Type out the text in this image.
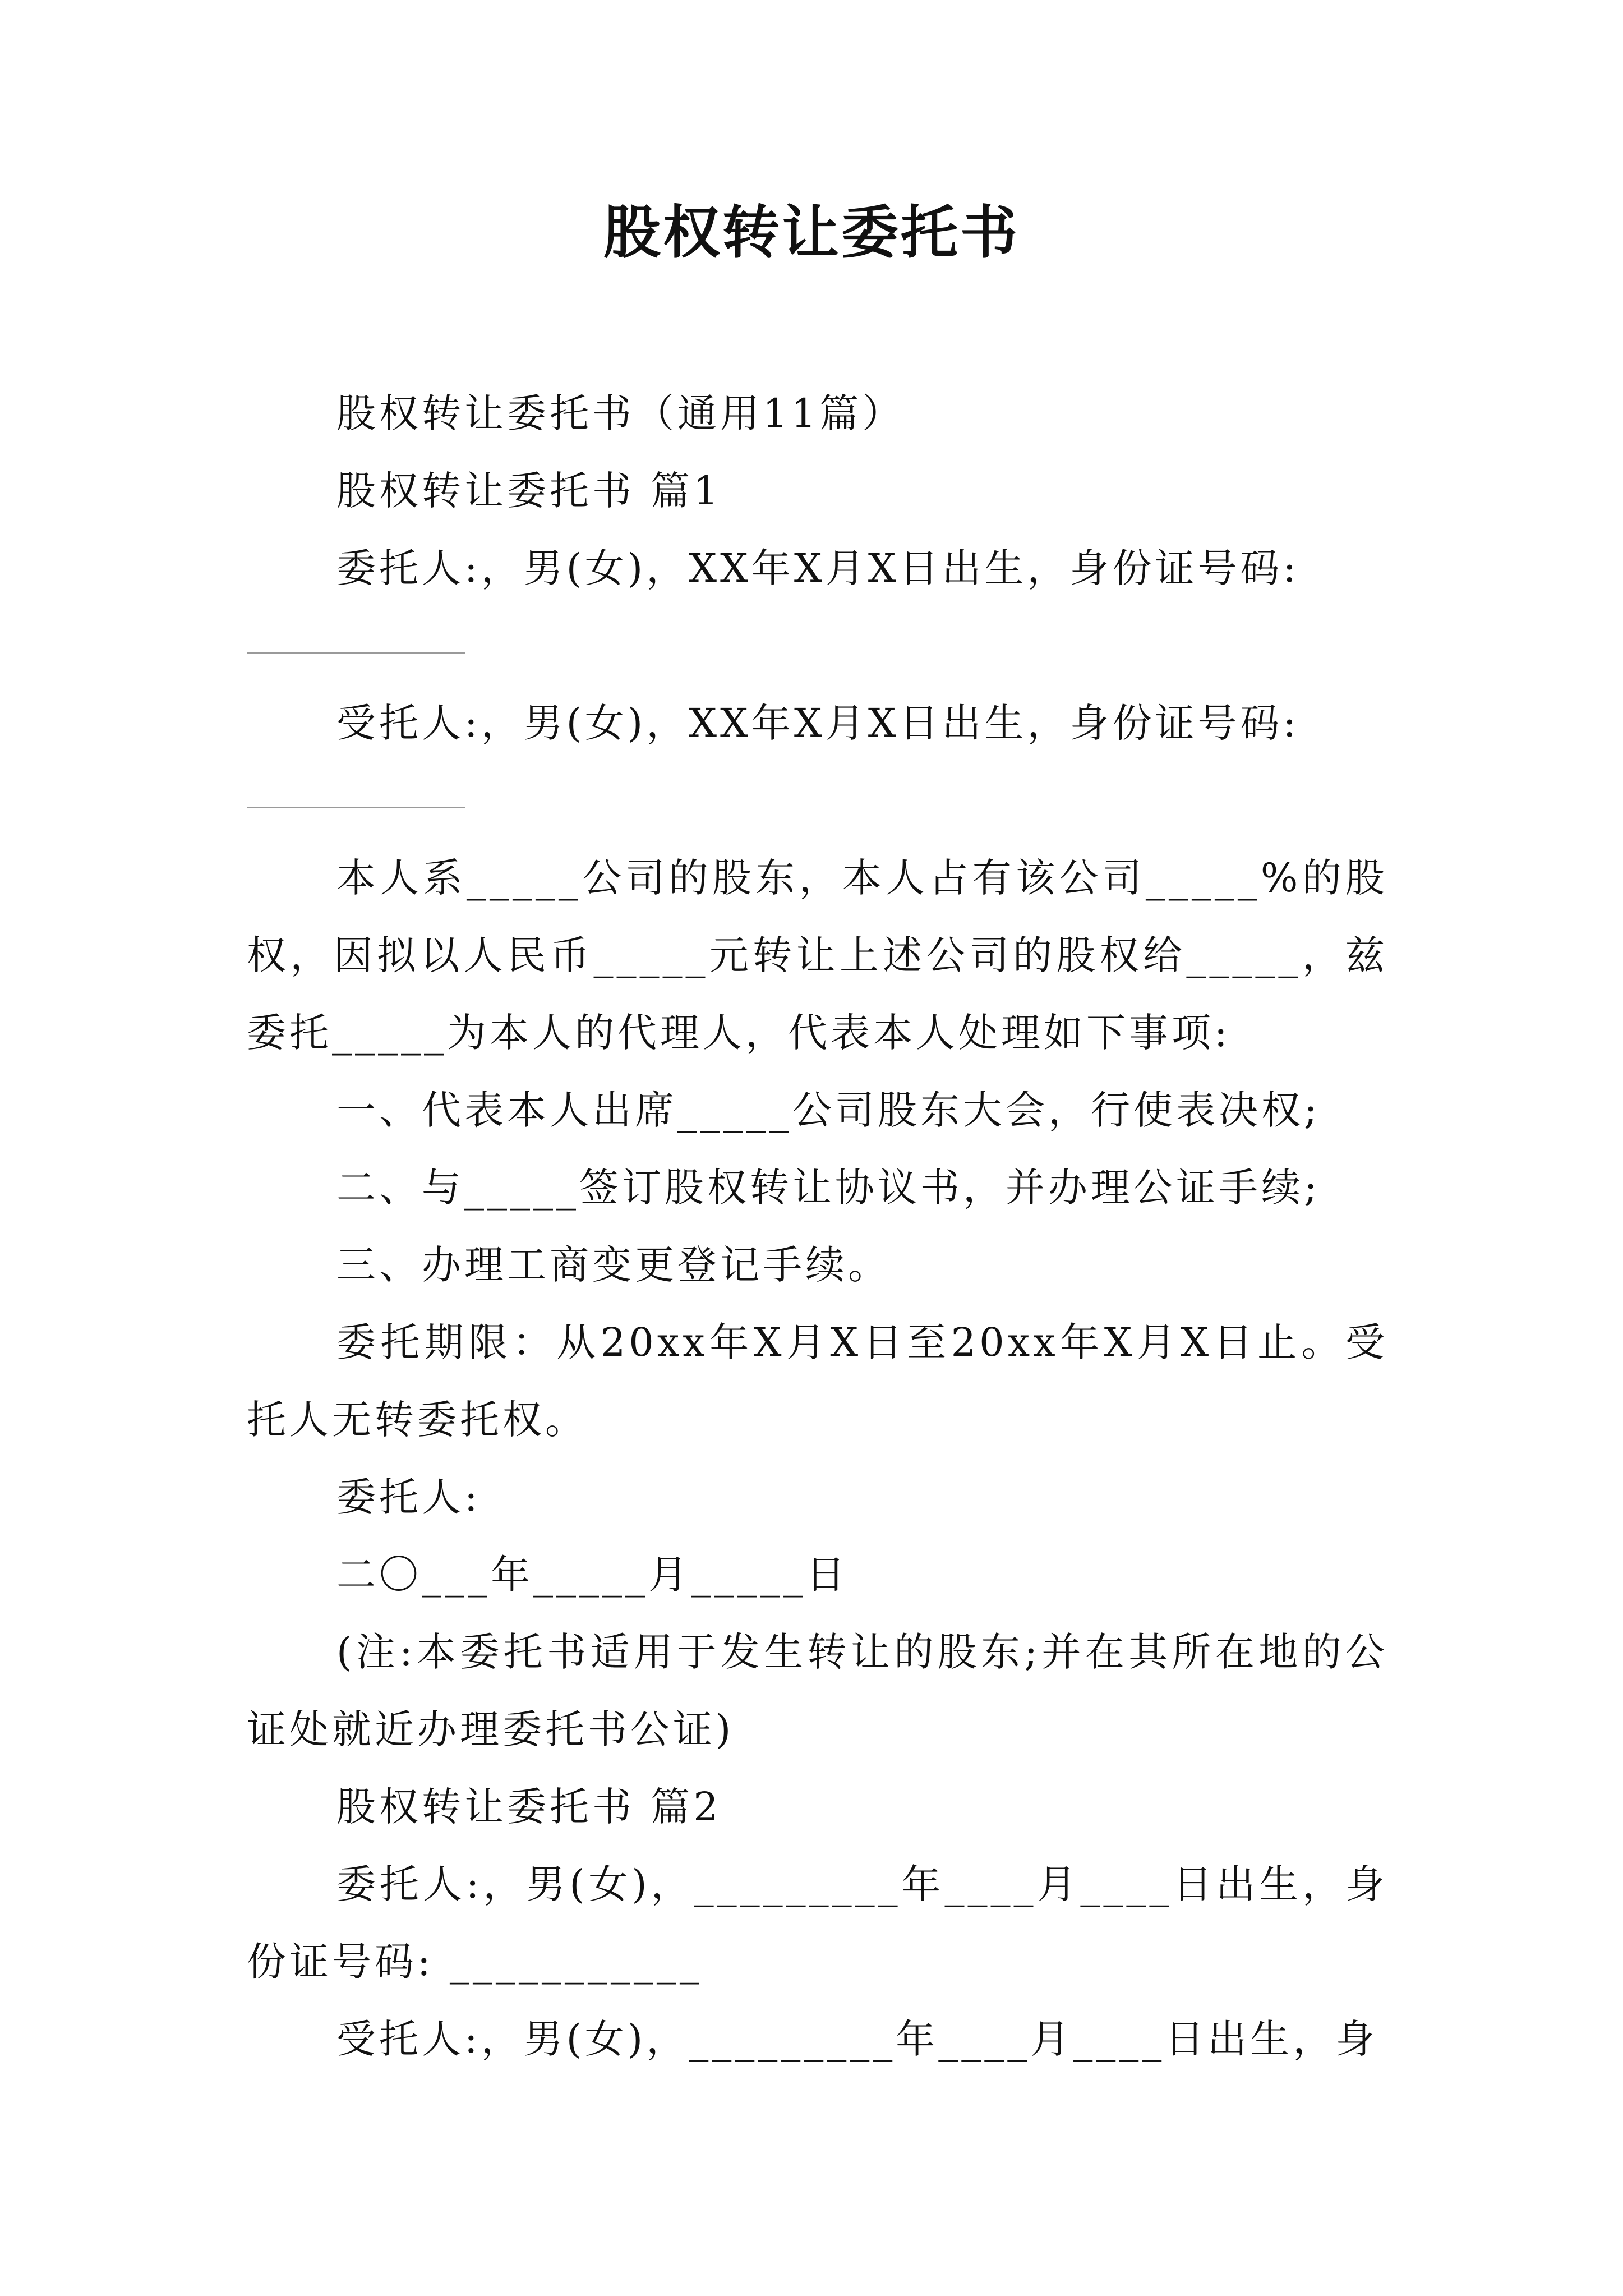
股权转让委托书

股权转让委托书（通用11篇）

股权转让委托书 篇1

委托人:，男(女)，XX年X月X日出生，身份证号码:

受托人:，男(女)，XX年X月X日出生，身份证号码:

本人系_____公司的股东，本人占有该公司_____%的股权，因拟以人民币_____元转让上述公司的股权给_____，兹委托_____为本人的代理人，代表本人处理如下事项:

一、代表本人出席_____公司股东大会，行使表决权;

二、与_____签订股权转让协议书，并办理公证手续;

三、办理工商变更登记手续。

委托期限：从20xx年X月X日至20xx年X月X日止。受托人无转委托权。

委托人:

二〇___年_____月_____日

(注:本委托书适用于发生转让的股东;并在其所在地的公证处就近办理委托书公证)

股权转让委托书 篇2

委托人:，男(女)，_________年____月____日出生，身份证号码: ___________

受托人:，男(女)，_________年____月____日出生，身
